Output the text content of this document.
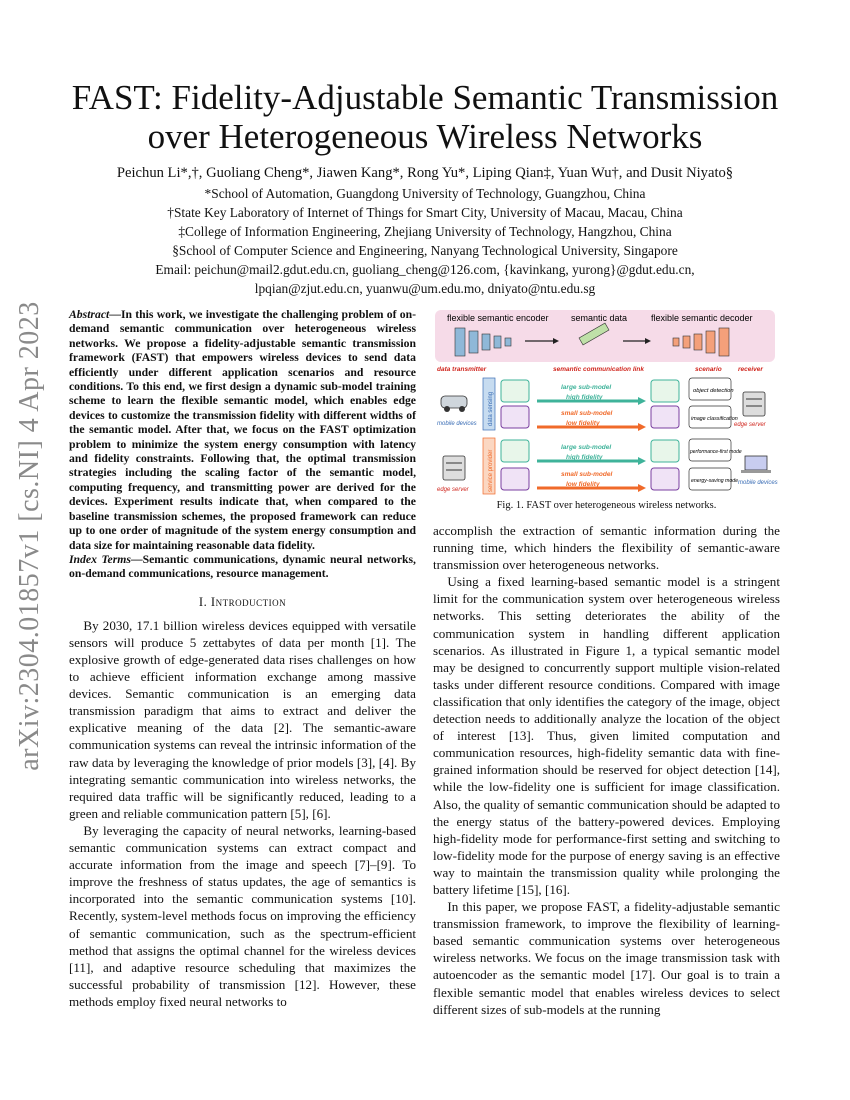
arXiv:2304.01857v1 [cs.NI] 4 Apr 2023
FAST: Fidelity-Adjustable Semantic Transmission
over Heterogeneous Wireless Networks
Peichun Li*,†, Guoliang Cheng*, Jiawen Kang*, Rong Yu*, Liping Qian‡, Yuan Wu†, and Dusit Niyato§
*School of Automation, Guangdong University of Technology, Guangzhou, China
†State Key Laboratory of Internet of Things for Smart City, University of Macau, Macau, China
‡College of Information Engineering, Zhejiang University of Technology, Hangzhou, China
§School of Computer Science and Engineering, Nanyang Technological University, Singapore
Email: peichun@mail2.gdut.edu.cn, guoliang_cheng@126.com, {kavinkang, yurong}@gdut.edu.cn,
lpqian@zjut.edu.cn, yuanwu@um.edu.mo, dniyato@ntu.edu.sg
Abstract—In this work, we investigate the challenging problem of on-demand semantic communication over heterogeneous wireless networks. We propose a fidelity-adjustable semantic transmission framework (FAST) that empowers wireless devices to send data efficiently under different application scenarios and resource conditions. To this end, we first design a dynamic sub-model training scheme to learn the flexible semantic model, which enables edge devices to customize the transmission fidelity with different widths of the semantic model. After that, we focus on the FAST optimization problem to minimize the system energy consumption with latency and fidelity constraints. Following that, the optimal transmission strategies including the scaling factor of the semantic model, computing frequency, and transmitting power are derived for the devices. Experiment results indicate that, when compared to the baseline transmission schemes, the proposed framework can reduce up to one order of magnitude of the system energy consumption and data size for maintaining reasonable data fidelity.
Index Terms—Semantic communications, dynamic neural networks, on-demand communications, resource management.
I. Introduction

By 2030, 17.1 billion wireless devices equipped with versatile sensors will produce 5 zettabytes of data per month [1]. The explosive growth of edge-generated data rises challenges on how to achieve efficient information exchange among massive devices. Semantic communication is an emerging data transmission paradigm that aims to extract and deliver the explicative meaning of the data [2]. The semantic-aware communication systems can reveal the intrinsic information of the raw data by leveraging the knowledge of prior models [3], [4]. By integrating semantic communication into wireless networks, the required data traffic will be significantly reduced, leading to a green and reliable communication pattern [5], [6].

By leveraging the capacity of neural networks, learning-based semantic communication systems can extract compact and accurate information from the image and speech [7]–[9]. To improve the freshness of status updates, the age of semantics is incorporated into the semantic communication systems [10]. Recently, system-level methods focus on improving the efficiency of semantic communication, such as the spectrum-efficient method that assigns the optimal channel for the wireless devices [11], and adaptive resource scheduling that maximizes the successful probability of transmission [12]. However, these methods employ fixed neural networks to

flexible semantic encoder semantic data	flexible semantic decoder
data transmitter	semantic communication link	scenario	receiver
mobile devices
edge server
data sensing
service provider
large sub-model
high fidelity
small sub-model
low fidelity
large sub-model
high fidelity
small sub-model
low fidelity
object detection
image classification
performance-first mode
energy-saving mode
edge server
mobile devices
Fig. 1. FAST over heterogeneous wireless networks.

accomplish the extraction of semantic information during the running time, which hinders the flexibility of semantic-aware transmission over heterogeneous networks.

Using a fixed learning-based semantic model is a stringent limit for the communication system over heterogeneous wireless networks. This setting deteriorates the ability of the communication system in handling different application scenarios. As illustrated in Figure 1, a typical semantic model may be designed to concurrently support multiple vision-related tasks under different resource conditions. Compared with image classification that only identifies the category of the image, object detection needs to additionally analyze the location of the object of interest [13]. Thus, given limited computation and communication resources, high-fidelity semantic data with fine-grained information should be reserved for object detection [14], while the low-fidelity one is sufficient for image classification. Also, the quality of semantic communication should be adapted to the energy status of the battery-powered devices. Employing high-fidelity mode for performance-first setting and switching to low-fidelity mode for the purpose of energy saving is an effective way to maintain the transmission quality while prolonging the battery lifetime [15], [16].

In this paper, we propose FAST, a fidelity-adjustable semantic transmission framework, to improve the flexibility of learning-based semantic communication systems over heterogeneous wireless networks. We focus on the image transmission task with autoencoder as the semantic model [17]. Our goal is to train a flexible semantic model that enables wireless devices to select different sizes of sub-models at the running
